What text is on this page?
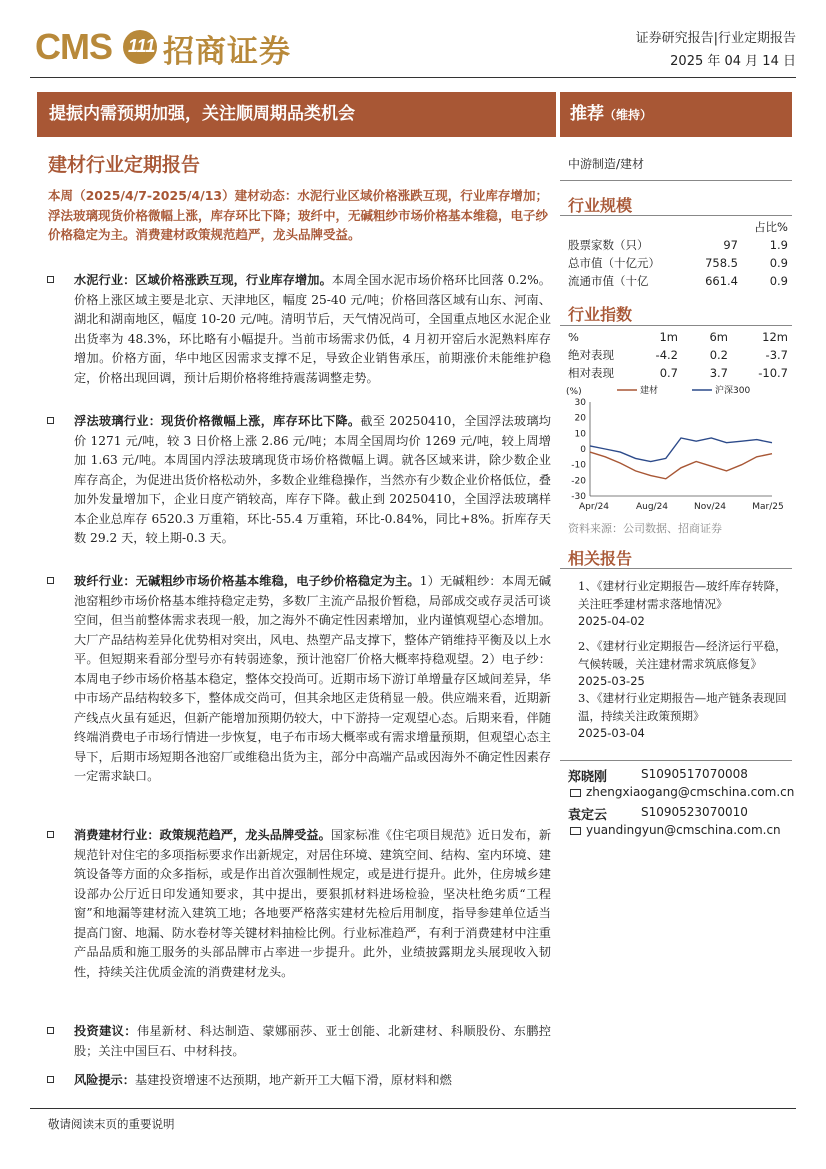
CMS 111 招商证券	证券研究报告|行业定期报告
2025 年 04 月 14 日
提振内需预期加强，关注顺周期品类机会	推荐（维持）
建材行业定期报告
本周（2025/4/7-2025/4/13）建材动态：水泥行业区域价格涨跌互现，行业库存增加；浮法玻璃现货价格微幅上涨，库存环比下降；玻纤中，无碱粗纱市场价格基本维稳，电子纱价格稳定为主。消费建材政策规范趋严，龙头品牌受益。

水泥行业：区域价格涨跌互现，行业库存增加。本周全国水泥市场价格环比回落 0.2%。价格上涨区域主要是北京、天津地区，幅度 25-40 元/吨；价格回落区域有山东、河南、湖北和湖南地区，幅度 10-20 元/吨。清明节后，天气情况尚可，全国重点地区水泥企业出货率为 48.3%，环比略有小幅提升。当前市场需求仍低，4 月初开窑后水泥熟料库存增加。价格方面，华中地区因需求支撑不足，导致企业销售承压，前期涨价未能维护稳定，价格出现回调，预计后期价格将维持震荡调整走势。

浮法玻璃行业：现货价格微幅上涨，库存环比下降。截至 20250410，全国浮法玻璃均价 1271 元/吨，较 3 日价格上涨 2.86 元/吨；本周全国周均价 1269 元/吨，较上周增加 1.63 元/吨。本周国内浮法玻璃现货市场价格微幅上调。就各区域来讲，除少数企业库存高企，为促进出货价格松动外，多数企业维稳操作，当然亦有少数企业价格低位，叠加外发量增加下，企业日度产销较高，库存下降。截止到 20250410，全国浮法玻璃样本企业总库存 6520.3 万重箱，环比-55.4 万重箱，环比-0.84%，同比+8%。折库存天数 29.2 天，较上期-0.3 天。

玻纤行业：无碱粗纱市场价格基本维稳，电子纱价格稳定为主。1）无碱粗纱：本周无碱池窑粗纱市场价格基本维持稳定走势，多数厂主流产品报价暂稳，局部成交或存灵活可谈空间，但当前整体需求表现一般，加之海外不确定性因素增加，业内谨慎观望心态增加。大厂产品结构差异化优势相对突出，风电、热塑产品支撑下，整体产销维持平衡及以上水平。但短期来看部分型号亦有转弱迹象，预计池窑厂价格大概率持稳观望。2）电子纱：本周电子纱市场价格基本稳定，整体交投尚可。近期市场下游订单增量存区域间差异，华中市场产品结构较多下，整体成交尚可，但其余地区走货稍显一般。供应端来看，近期新产线点火虽有延迟，但新产能增加预期仍较大，中下游持一定观望心态。后期来看，伴随终端消费电子市场行情进一步恢复，电子布市场大概率或有需求增量预期，但观望心态主导下，后期市场短期各池窑厂或维稳出货为主，部分中高端产品或因海外不确定性因素存一定需求缺口。

消费建材行业：政策规范趋严，龙头品牌受益。国家标准《住宅项目规范》近日发布，新规范针对住宅的多项指标要求作出新规定，对居住环境、建筑空间、结构、室内环境、建筑设备等方面的众多指标，或是作出首次强制性规定，或是进行提升。此外，住房城乡建设部办公厅近日印发通知要求，其中提出，要狠抓材料进场检验，坚决杜绝劣质“工程窗”和地漏等建材流入建筑工地；各地要严格落实建材先检后用制度，指导参建单位适当提高门窗、地漏、防水卷材等关键材料抽检比例。行业标准趋严，有利于消费建材中注重产品品质和施工服务的头部品牌市占率进一步提升。此外，业绩披露期龙头展现收入韧性，持续关注优质金流的消费建材龙头。

投资建议：伟星新材、科达制造、蒙娜丽莎、亚士创能、北新建材、科顺股份、东鹏控股；关注中国巨石、中材科技。

风险提示：基建投资增速不达预期，地产新开工大幅下滑，原材料和燃

中游制造/建材
行业规模
		占比%
股票家数（只）	97	1.9
总市值（十亿元）	758.5	0.9
流通市值（十亿	661.4	0.9
行业指数
%	1m	6m	12m
绝对表现	-4.2	0.2	-3.7
相对表现	0.7	3.7	-10.7
(%)
30
20
10
0
-10
-20
-30
Apr/24	Aug/24	Nov/24	Mar/25
建材	沪深300
资料来源：公司数据、招商证券
相关报告
1、《建材行业定期报告—玻纤库存转降，关注旺季建材需求落地情况》
2025-04-02
2、《建材行业定期报告—经济运行平稳，气候转暖，关注建材需求筑底修复》
2025-03-25
3、《建材行业定期报告—地产链条表现回温，持续关注政策预期》
2025-03-04
郑晓刚	S1090517070008
zhengxiaogang@cmschina.com.cn
袁定云	S1090523070010
yuandingyun@cmschina.com.cn
敬请阅读末页的重要说明
